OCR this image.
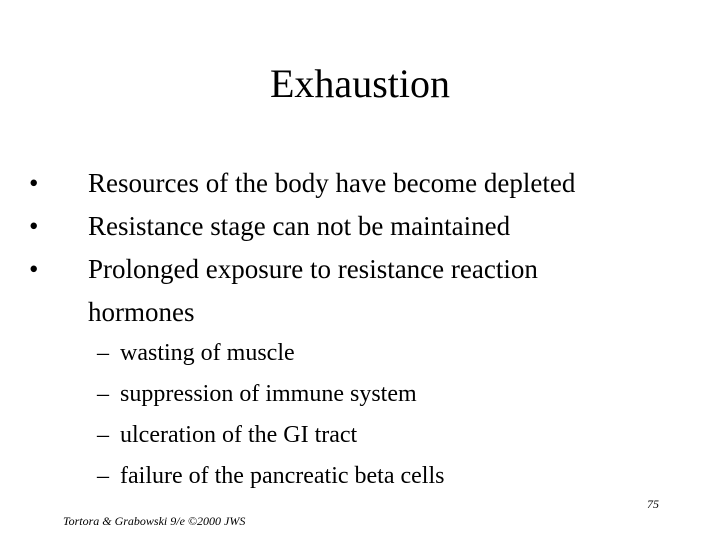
Exhaustion
• Resources of the body have become depleted
• Resistance stage can not be maintained
• Prolonged exposure to resistance reaction hormones
– wasting of muscle
– suppression of immune system
– ulceration of the GI tract
– failure of the pancreatic beta cells
75
Tortora & Grabowski 9/e ©2000 JWS
